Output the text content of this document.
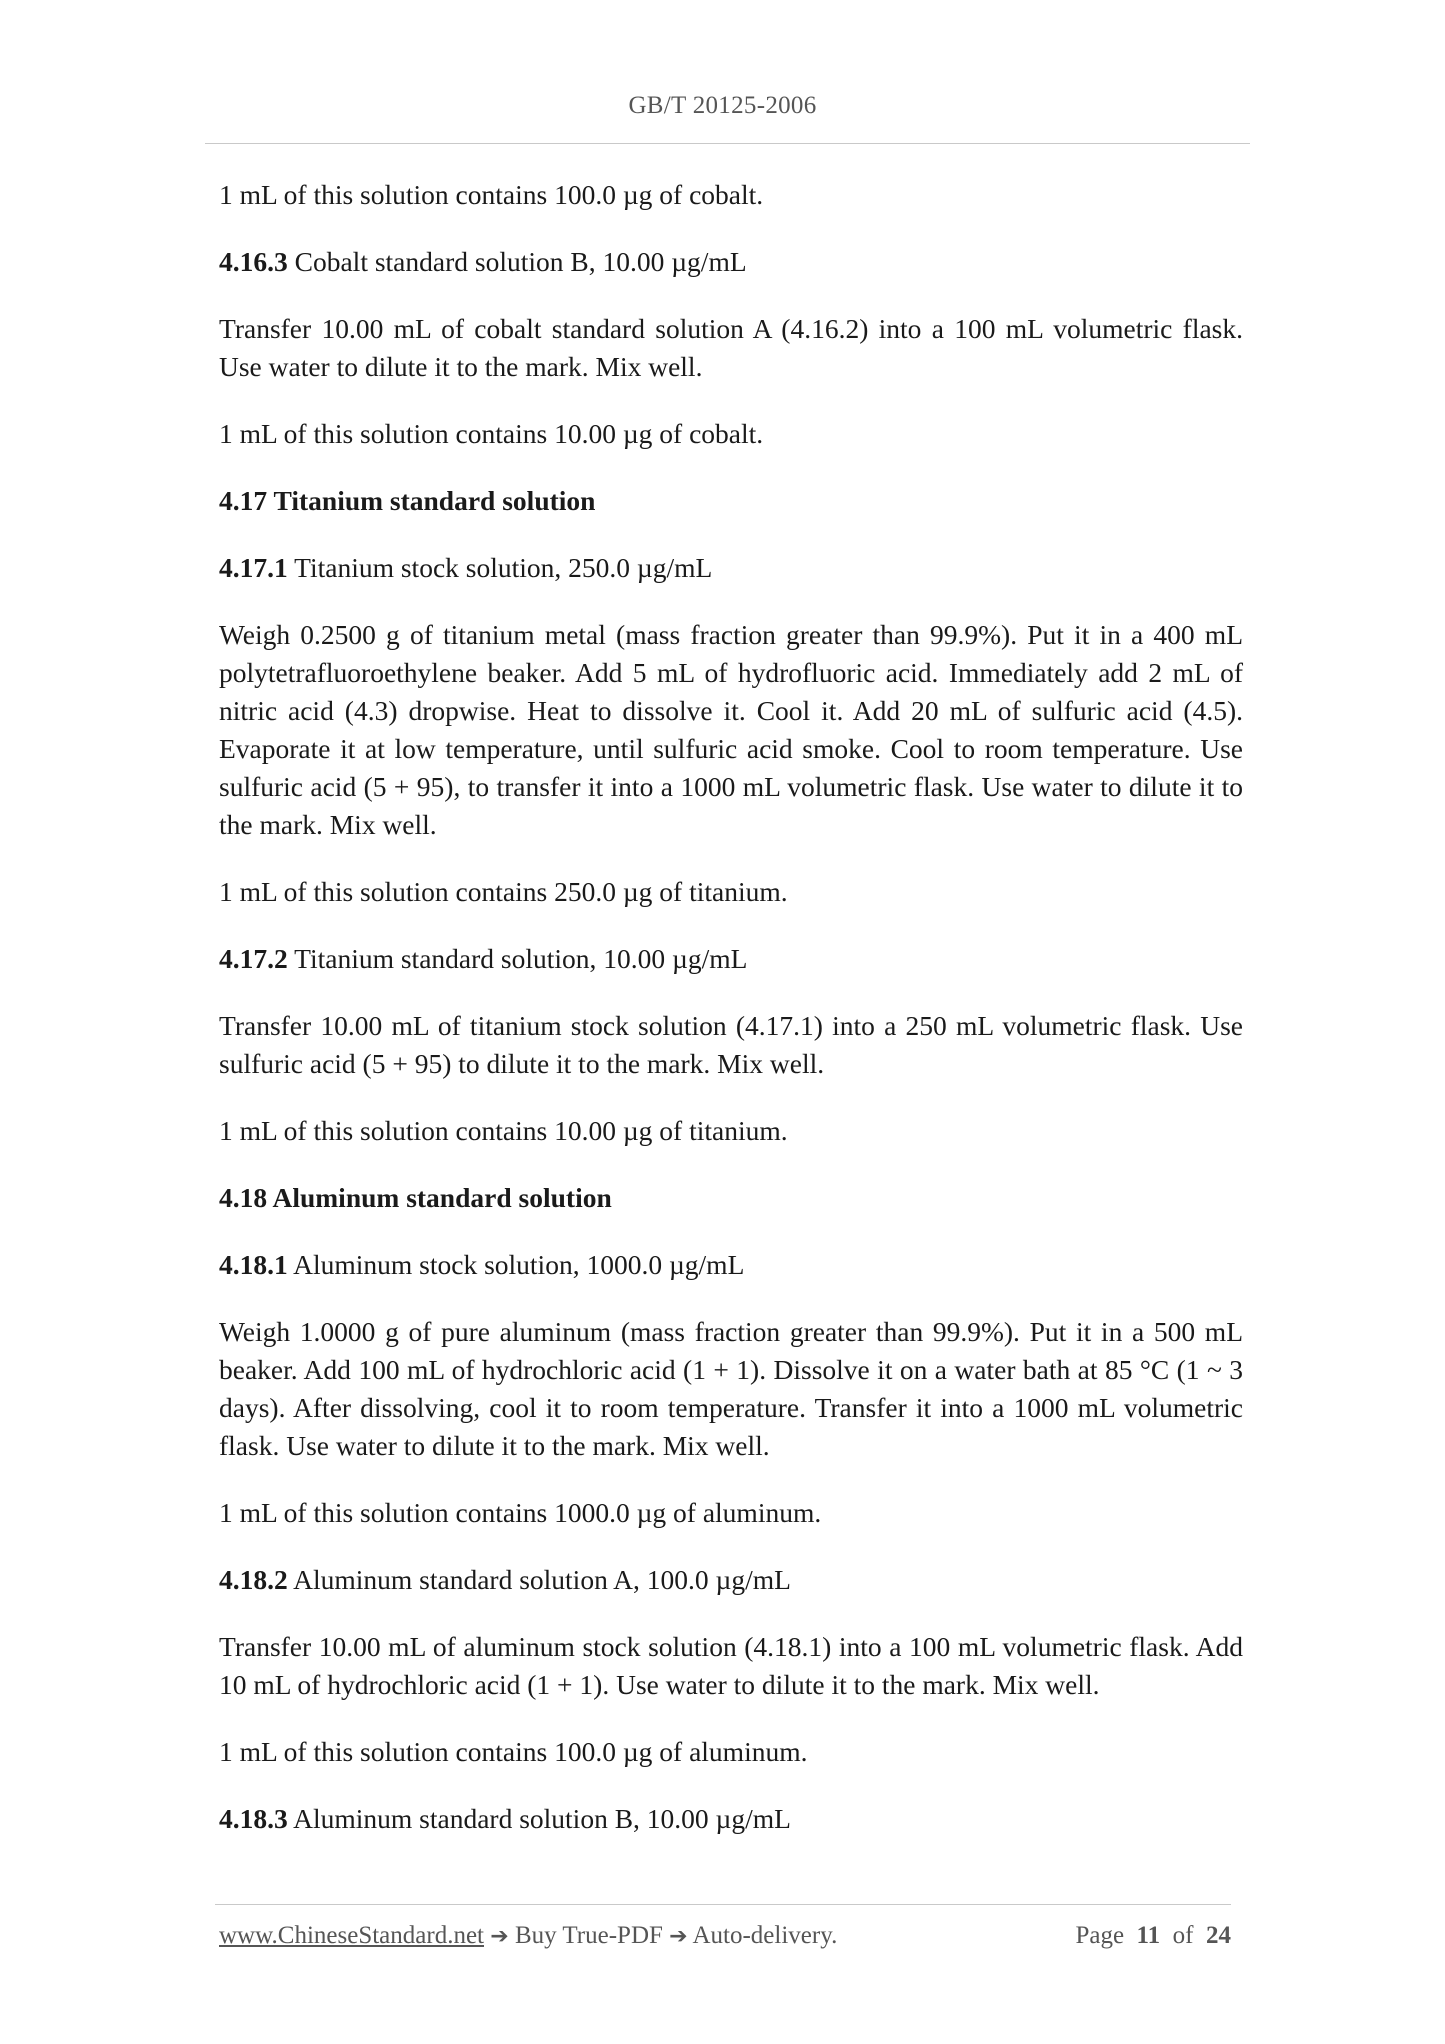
GB/T 20125-2006

1 mL of this solution contains 100.0 µg of cobalt.

4.16.3 Cobalt standard solution B, 10.00 µg/mL

Transfer 10.00 mL of cobalt standard solution A (4.16.2) into a 100 mL volumetric flask. Use water to dilute it to the mark. Mix well.

1 mL of this solution contains 10.00 µg of cobalt.

4.17 Titanium standard solution

4.17.1 Titanium stock solution, 250.0 µg/mL

Weigh 0.2500 g of titanium metal (mass fraction greater than 99.9%). Put it in a 400 mL polytetrafluoroethylene beaker. Add 5 mL of hydrofluoric acid. Immediately add 2 mL of nitric acid (4.3) dropwise. Heat to dissolve it. Cool it. Add 20 mL of sulfuric acid (4.5). Evaporate it at low temperature, until sulfuric acid smoke. Cool to room temperature. Use sulfuric acid (5 + 95), to transfer it into a 1000 mL volumetric flask. Use water to dilute it to the mark. Mix well.

1 mL of this solution contains 250.0 µg of titanium.

4.17.2 Titanium standard solution, 10.00 µg/mL

Transfer 10.00 mL of titanium stock solution (4.17.1) into a 250 mL volumetric flask. Use sulfuric acid (5 + 95) to dilute it to the mark. Mix well.

1 mL of this solution contains 10.00 µg of titanium.

4.18 Aluminum standard solution

4.18.1 Aluminum stock solution, 1000.0 µg/mL

Weigh 1.0000 g of pure aluminum (mass fraction greater than 99.9%). Put it in a 500 mL beaker. Add 100 mL of hydrochloric acid (1 + 1). Dissolve it on a water bath at 85 °C (1 ~ 3 days). After dissolving, cool it to room temperature. Transfer it into a 1000 mL volumetric flask. Use water to dilute it to the mark. Mix well.

1 mL of this solution contains 1000.0 µg of aluminum.

4.18.2 Aluminum standard solution A, 100.0 µg/mL

Transfer 10.00 mL of aluminum stock solution (4.18.1) into a 100 mL volumetric flask. Add 10 mL of hydrochloric acid (1 + 1). Use water to dilute it to the mark. Mix well.

1 mL of this solution contains 100.0 µg of aluminum.

4.18.3 Aluminum standard solution B, 10.00 µg/mL

www.ChineseStandard.net ➔ Buy True-PDF ➔ Auto-delivery.	Page 11 of 24
